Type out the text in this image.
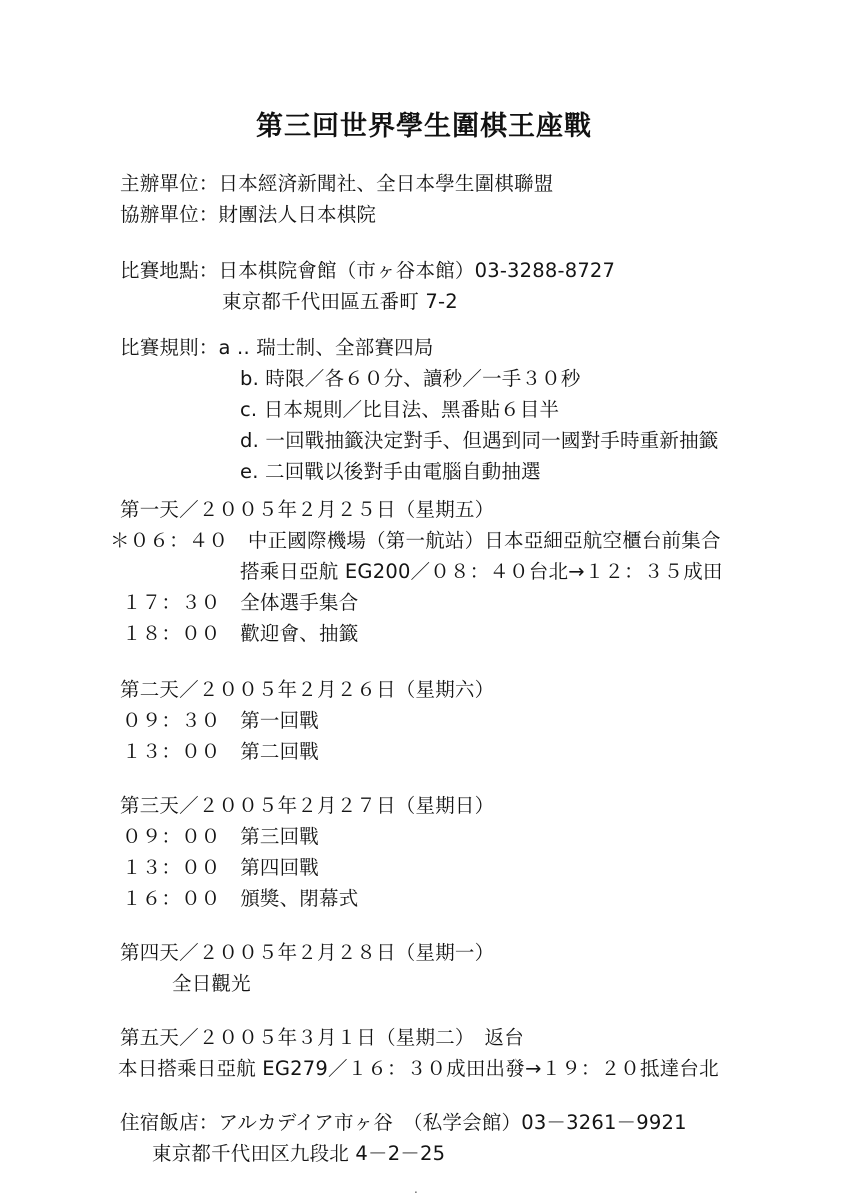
第三回世界學生圍棋王座戰
主辦單位：日本經済新聞社、全日本學生圍棋聯盟
協辦單位：財團法人日本棋院
比賽地點：日本棋院會館（市ヶ谷本館）03-3288-8727
東京都千代田區五番町 7-2
比賽規則：a .. 瑞士制、全部賽四局
b. 時限／各６０分、讀秒／一手３０秒
c. 日本規則／比目法、黑番貼６目半
d. 一回戰抽籤決定對手、但遇到同一國對手時重新抽籤
e. 二回戰以後對手由電腦自動抽選
第一天／２００５年２月２５日（星期五）
＊０６：４０　中正國際機場（第一航站）日本亞細亞航空櫃台前集合
搭乘日亞航 EG200／０８：４０台北→１２：３５成田
１７：３０　全体選手集合
１８：００　歡迎會、抽籤
第二天／２００５年２月２６日（星期六）
０９：３０　第一回戰
１３：００　第二回戰
第三天／２００５年２月２７日（星期日）
０９：００　第三回戰
１３：００　第四回戰
１６：００　頒獎、閉幕式
第四天／２００５年２月２８日（星期一）
全日觀光
第五天／２００５年３月１日（星期二）　返台
本日搭乘日亞航 EG279／１６：３０成田出發→１９：２０抵達台北
住宿飯店：アルカデイア市ヶ谷　（私学会館）03－3261－9921
東京都千代田区九段北 4－2－25
.
